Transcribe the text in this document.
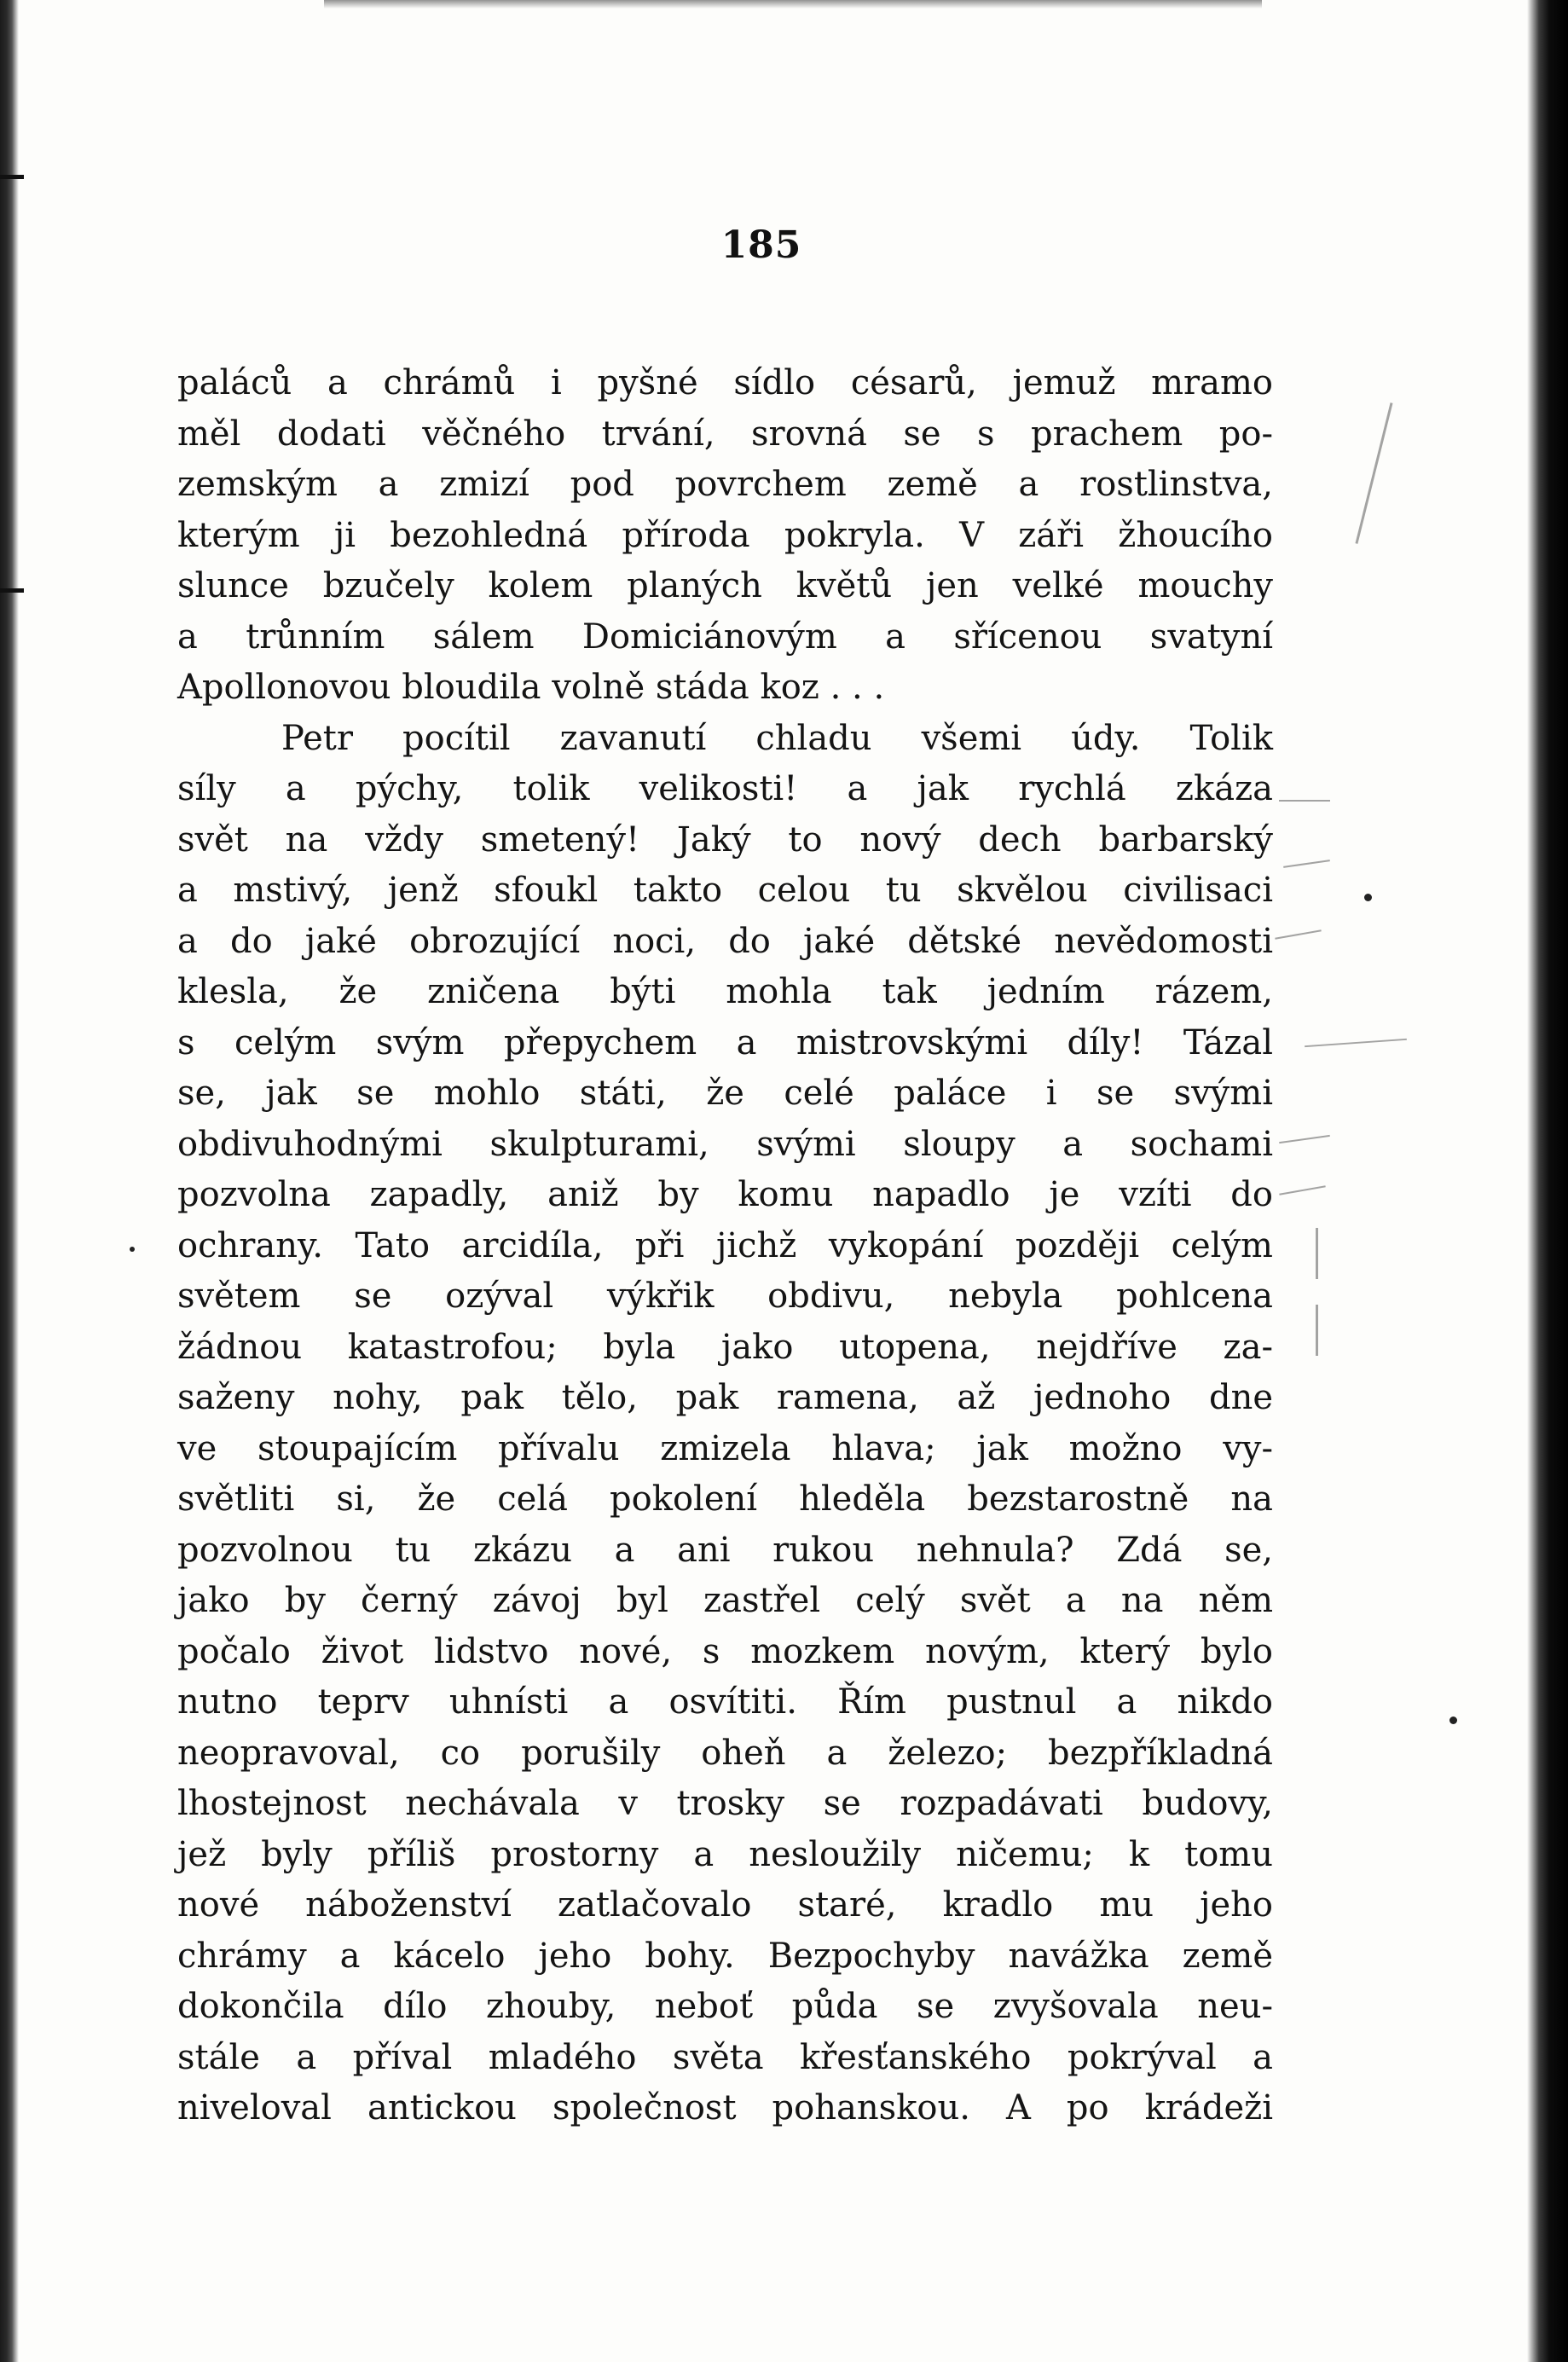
185
paláců a chrámů i pyšné sídlo césarů, jemuž mramo
měl dodati věčného trvání, srovná se s prachem po-
zemským a zmizí pod povrchem země a rostlinstva,
kterým ji bezohledná příroda pokryla. V záři žhoucího
slunce bzučely kolem planých květů jen velké mouchy
a trůnním sálem Domiciánovým a sřícenou svatyní
Apollonovou bloudila volně stáda koz . . .
Petr pocítil zavanutí chladu všemi údy. Tolik
síly a pýchy, tolik velikosti! a jak rychlá zkáza
svět na vždy smetený! Jaký to nový dech barbarský
a mstivý, jenž sfoukl takto celou tu skvělou civilisaci
a do jaké obrozující noci, do jaké dětské nevědomosti
klesla, že zničena býti mohla tak jedním rázem,
s celým svým přepychem a mistrovskými díly! Tázal
se, jak se mohlo státi, že celé paláce i se svými
obdivuhodnými skulpturami, svými sloupy a sochami
pozvolna zapadly, aniž by komu napadlo je vzíti do
ochrany. Tato arcidíla, při jichž vykopání později celým
světem se ozýval výkřik obdivu, nebyla pohlcena
žádnou katastrofou; byla jako utopena, nejdříve za-
saženy nohy, pak tělo, pak ramena, až jednoho dne
ve stoupajícím přívalu zmizela hlava; jak možno vy-
světliti si, že celá pokolení hleděla bezstarostně na
pozvolnou tu zkázu a ani rukou nehnula? Zdá se,
jako by černý závoj byl zastřel celý svět a na něm
počalo život lidstvo nové, s mozkem novým, který bylo
nutno teprv uhnísti a osvítiti. Řím pustnul a nikdo
neopravoval, co porušily oheň a železo; bezpříkladná
lhostejnost nechávala v trosky se rozpadávati budovy,
jež byly příliš prostorny a nesloužily ničemu; k tomu
nové náboženství zatlačovalo staré, kradlo mu jeho
chrámy a kácelo jeho bohy. Bezpochyby navážka země
dokončila dílo zhouby, neboť půda se zvyšovala neu-
stále a příval mladého světa křesťanského pokrýval a
niveloval antickou společnost pohanskou. A po krádeži
